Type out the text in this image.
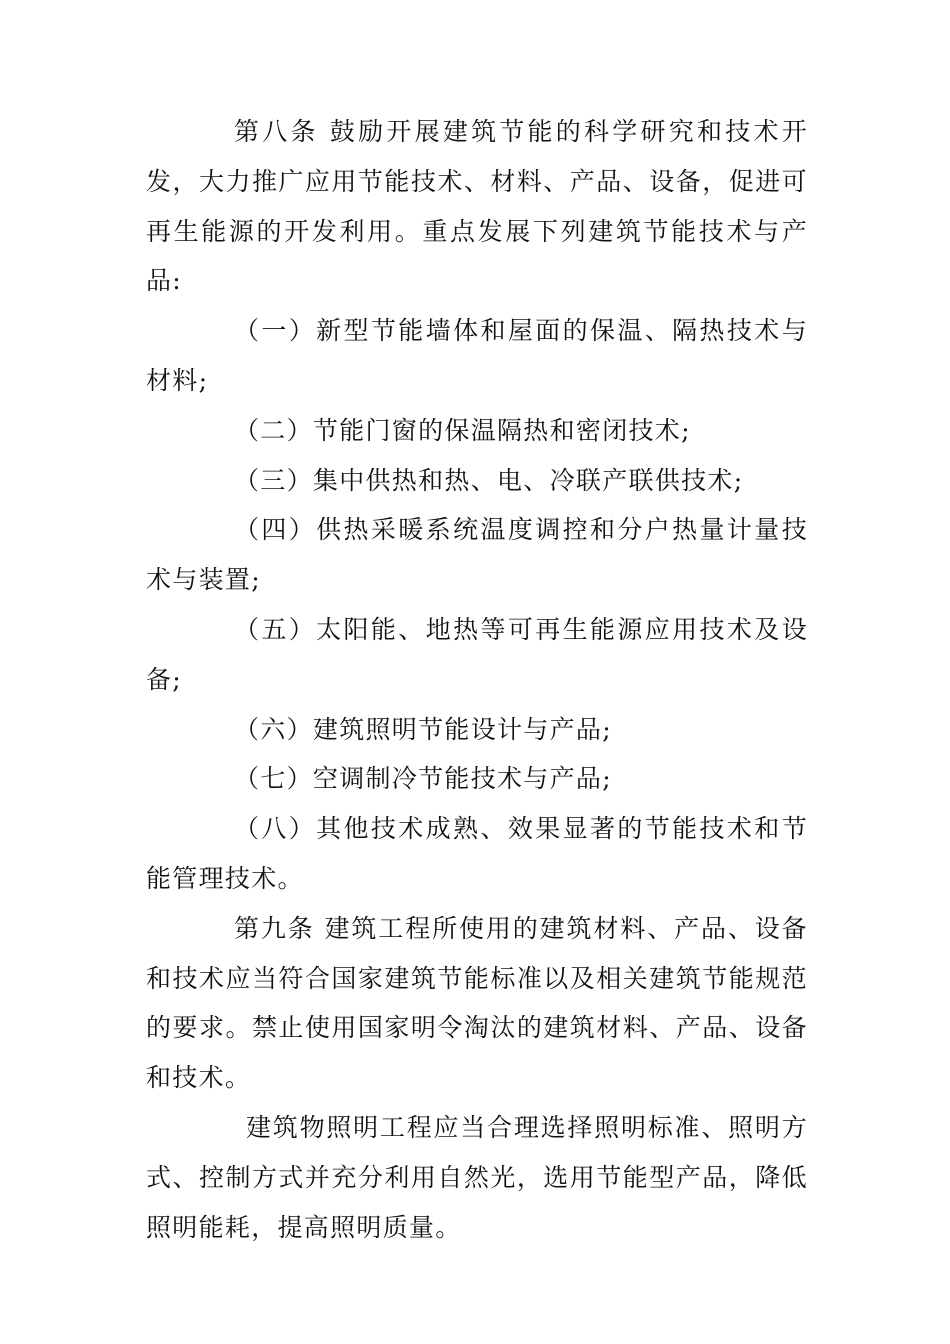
第八条 鼓励开展建筑节能的科学研究和技术开发，大力推广应用节能技术、材料、产品、设备，促进可再生能源的开发利用。重点发展下列建筑节能技术与产品:

（一）新型节能墙体和屋面的保温、隔热技术与材料;

（二）节能门窗的保温隔热和密闭技术;

（三）集中供热和热、电、冷联产联供技术;

（四）供热采暖系统温度调控和分户热量计量技术与装置;

（五）太阳能、地热等可再生能源应用技术及设备;

（六）建筑照明节能设计与产品;

（七）空调制冷节能技术与产品;

（八）其他技术成熟、效果显著的节能技术和节能管理技术。

第九条 建筑工程所使用的建筑材料、产品、设备和技术应当符合国家建筑节能标准以及相关建筑节能规范的要求。禁止使用国家明令淘汰的建筑材料、产品、设备和技术。

建筑物照明工程应当合理选择照明标准、照明方式、控制方式并充分利用自然光，选用节能型产品，降低照明能耗，提高照明质量。
